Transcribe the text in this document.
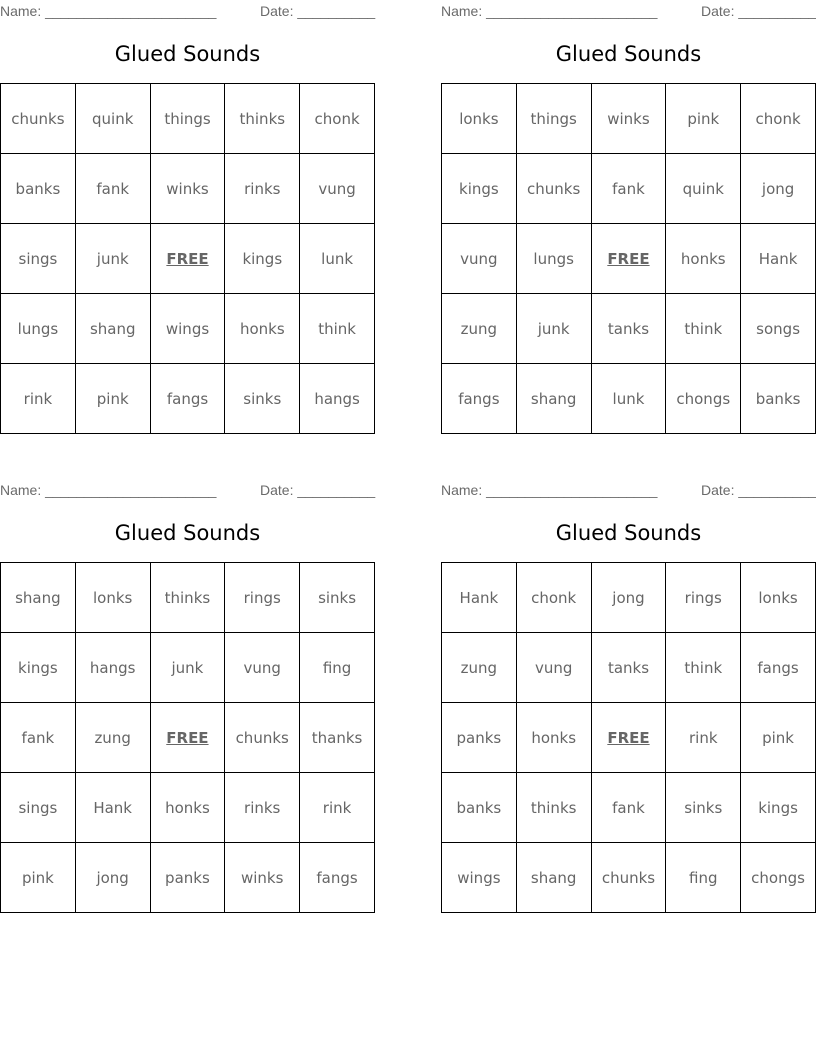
Name: ______________________	Date: __________
Glued Sounds
chunks	quink	things	thinks	chonk
banks	fank	winks	rinks	vung
sings	junk	FREE	kings	lunk
lungs	shang	wings	honks	think
rink	pink	fangs	sinks	hangs
Name: ______________________	Date: __________
Glued Sounds
lonks	things	winks	pink	chonk
kings	chunks	fank	quink	jong
vung	lungs	FREE	honks	Hank
zung	junk	tanks	think	songs
fangs	shang	lunk	chongs	banks
Name: ______________________	Date: __________
Glued Sounds
shang	lonks	thinks	rings	sinks
kings	hangs	junk	vung	fing
fank	zung	FREE	chunks	thanks
sings	Hank	honks	rinks	rink
pink	jong	panks	winks	fangs
Name: ______________________	Date: __________
Glued Sounds
Hank	chonk	jong	rings	lonks
zung	vung	tanks	think	fangs
panks	honks	FREE	rink	pink
banks	thinks	fank	sinks	kings
wings	shang	chunks	fing	chongs
